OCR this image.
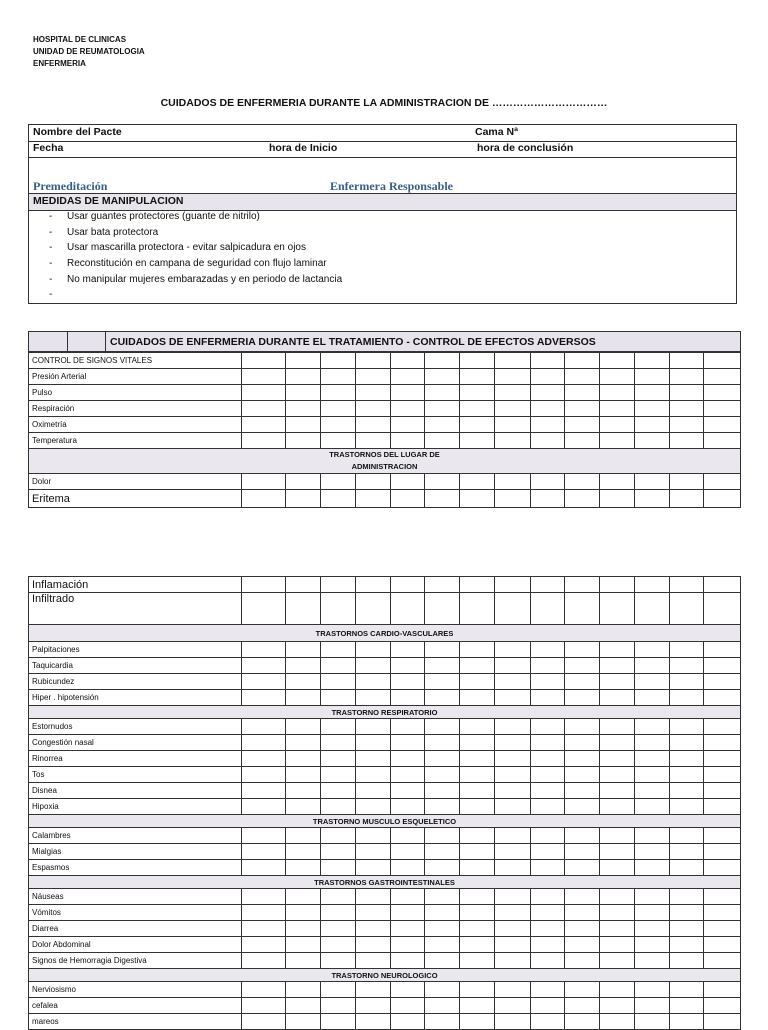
HOSPITAL DE CLINICAS
UNIDAD DE REUMATOLOGIA
ENFERMERIA
CUIDADOS DE ENFERMERIA DURANTE LA ADMINISTRACION DE ……………………………
Nombre del Pacte	Cama Nª
Fecha	hora de Inicio	hora de conclusión
Premeditación	Enfermera Responsable
MEDIDAS DE MANIPULACION
- Usar guantes protectores (guante de nitrilo)
- Usar bata protectora
- Usar mascarilla protectora - evitar salpicadura en ojos
- Reconstitución en campana de seguridad con flujo laminar
- No manipular mujeres embarazadas y en periodo de lactancia
-
		CUIDADOS DE ENFERMERIA DURANTE EL TRATAMIENTO - CONTROL DE EFECTOS ADVERSOS
CONTROL DE SIGNOS VITALES														
Presión Arterial														
Pulso														
Respiración														
Oximetría														
Temperatura														

TRASTORNOS DEL LUGAR DE
ADMINISTRACION														

Dolor														
Eritema														
Inflamación														
Infiltrado														
TRASTORNOS CARDIO-VASCULARES														
Palpitaciones														
Taquicardia														
Rubicundez														
Hiper . hipotensión														
TRASTORNO RESPIRATORIO														
Estornudos														
Congestión nasal														
Rinorrea														
Tos														
Disnea														
Hipoxia														
TRASTORNO MUSCULO ESQUELETICO														
Calambres														
Mialgias														
Espasmos														
TRASTORNOS GASTROINTESTINALES														
Náuseas														
Vómitos														
Diarrea														
Dolor Abdominal														
Signos de Hemorragia Digestiva														
TRASTORNO NEUROLOGICO														
Nerviosismo														
cefalea														
mareos														
